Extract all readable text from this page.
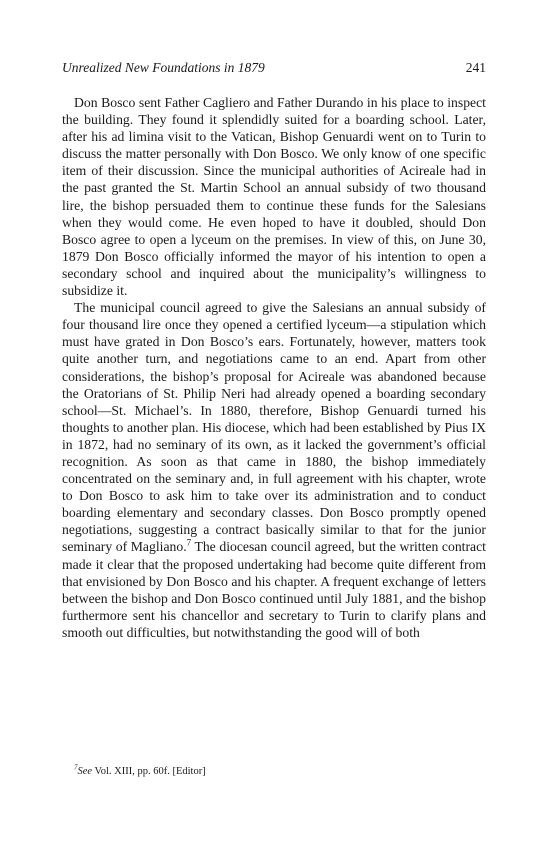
Unrealized New Foundations in 1879	241

Don Bosco sent Father Cagliero and Father Durando in his place to inspect the building. They found it splendidly suited for a boarding school. Later, after his ad limina visit to the Vatican, Bishop Genuardi went on to Turin to discuss the matter personally with Don Bosco. We only know of one specific item of their discussion. Since the municipal authorities of Acireale had in the past granted the St. Martin School an annual subsidy of two thousand lire, the bishop persuaded them to continue these funds for the Salesians when they would come. He even hoped to have it doubled, should Don Bosco agree to open a lyceum on the premises. In view of this, on June 30, 1879 Don Bosco officially informed the mayor of his intention to open a secondary school and inquired about the municipality’s willingness to subsidize it.

The municipal council agreed to give the Salesians an annual subsidy of four thousand lire once they opened a certified lyceum—a stipulation which must have grated in Don Bosco’s ears. Fortunately, however, matters took quite another turn, and negotiations came to an end. Apart from other considerations, the bishop’s proposal for Acireale was abandoned because the Oratorians of St. Philip Neri had already opened a boarding secondary school—St. Michael’s. In 1880, therefore, Bishop Genuardi turned his thoughts to another plan. His diocese, which had been established by Pius IX in 1872, had no seminary of its own, as it lacked the government’s official recognition. As soon as that came in 1880, the bishop immediately concentrated on the seminary and, in full agreement with his chapter, wrote to Don Bosco to ask him to take over its administration and to conduct boarding elementary and secondary classes. Don Bosco promptly opened negotiations, suggesting a contract basically similar to that for the junior seminary of Magliano.$^7$ The diocesan council agreed, but the written contract made it clear that the proposed undertaking had become quite different from that envisioned by Don Bosco and his chapter. A frequent exchange of letters between the bishop and Don Bosco continued until July 1881, and the bishop furthermore sent his chancellor and secretary to Turin to clarify plans and smooth out difficulties, but notwithstanding the good will of both

$^7$See Vol. XIII, pp. 60f. [Editor]
